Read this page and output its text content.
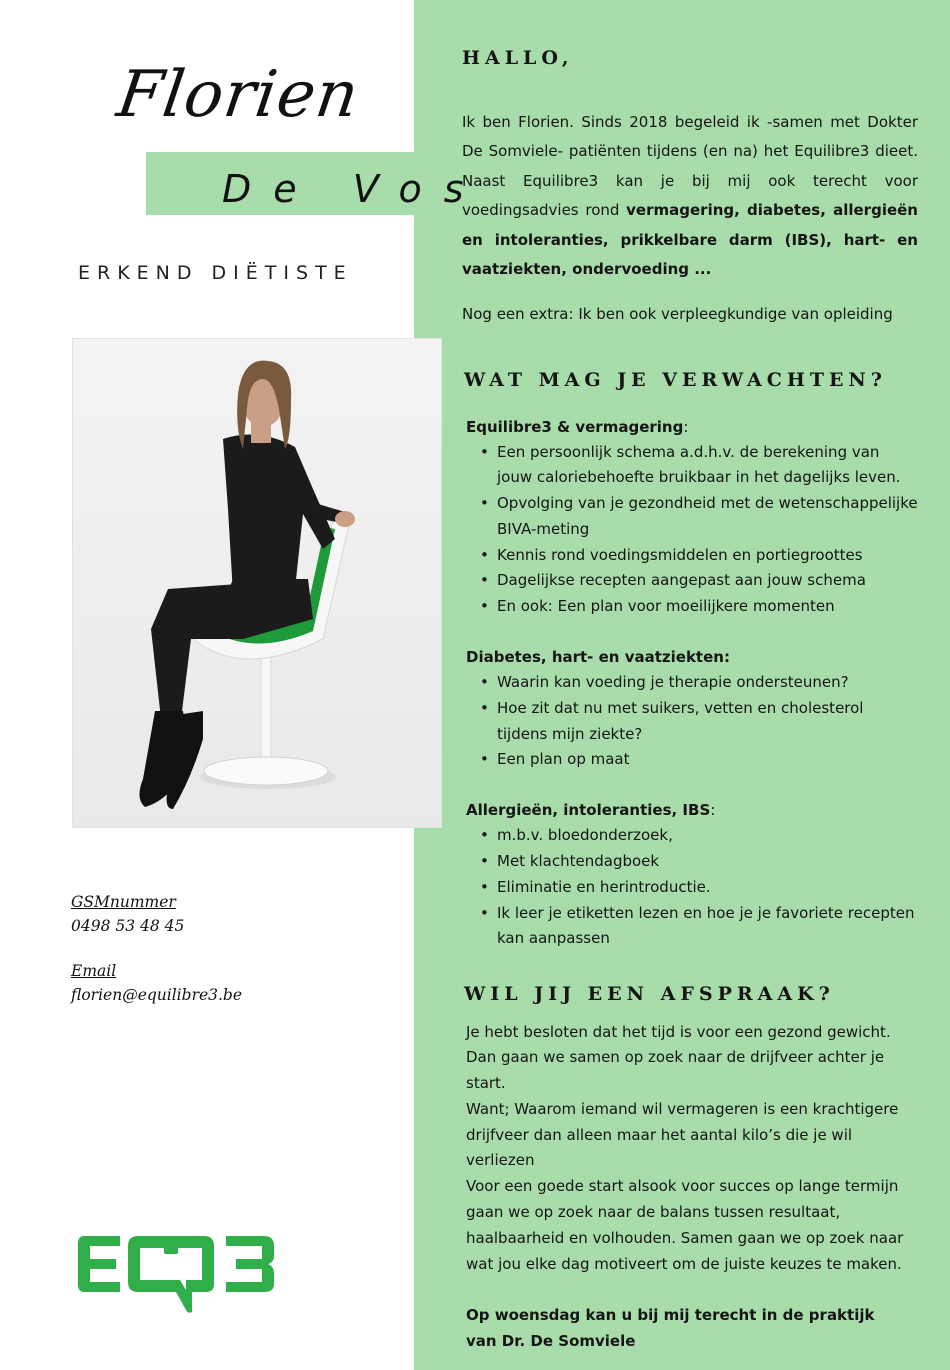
Florien
De Vos
ERKEND DIËTISTE
GSMnummer
0498 53 48 45
Email
florien@equilibre3.be
HALLO,

Ik ben Florien. Sinds 2018 begeleid ik -samen met Dokter De Somviele- patiënten tijdens (en na) het Equilibre3 dieet. Naast Equilibre3 kan je bij mij ook terecht voor voedingsadvies rond vermagering, diabetes, allergieën en intoleranties, prikkelbare darm (IBS), hart- en vaatziekten, ondervoeding ...

Nog een extra: Ik ben ook verpleegkundige van opleiding

WAT MAG JE VERWACHTEN?
Equilibre3 & vermagering:
• Een persoonlijk schema a.d.h.v. de berekening van jouw caloriebehoefte bruikbaar in het dagelijks leven.
• Opvolging van je gezondheid met de wetenschappelijke BIVA-meting
• Kennis rond voedingsmiddelen en portiegroottes
• Dagelijkse recepten aangepast aan jouw schema
• En ook: Een plan voor moeilijkere momenten
Diabetes, hart- en vaatziekten:
• Waarin kan voeding je therapie ondersteunen?
• Hoe zit dat nu met suikers, vetten en cholesterol tijdens mijn ziekte?
• Een plan op maat
Allergieën, intoleranties, IBS:
• m.b.v. bloedonderzoek,
• Met klachtendagboek
• Eliminatie en herintroductie.
• Ik leer je etiketten lezen en hoe je je favoriete recepten kan aanpassen
WIL JIJ EEN AFSPRAAK?

Je hebt besloten dat het tijd is voor een gezond gewicht. Dan gaan we samen op zoek naar de drijfveer achter je start.

Want; Waarom iemand wil vermageren is een krachtigere drijfveer dan alleen maar het aantal kilo’s die je wil verliezen

Voor een goede start alsook voor succes op lange termijn gaan we op zoek naar de balans tussen resultaat, haalbaarheid en volhouden. Samen gaan we op zoek naar wat jou elke dag motiveert om de juiste keuzes te maken.

Op woensdag kan u bij mij terecht in de praktijk van Dr. De Somviele
